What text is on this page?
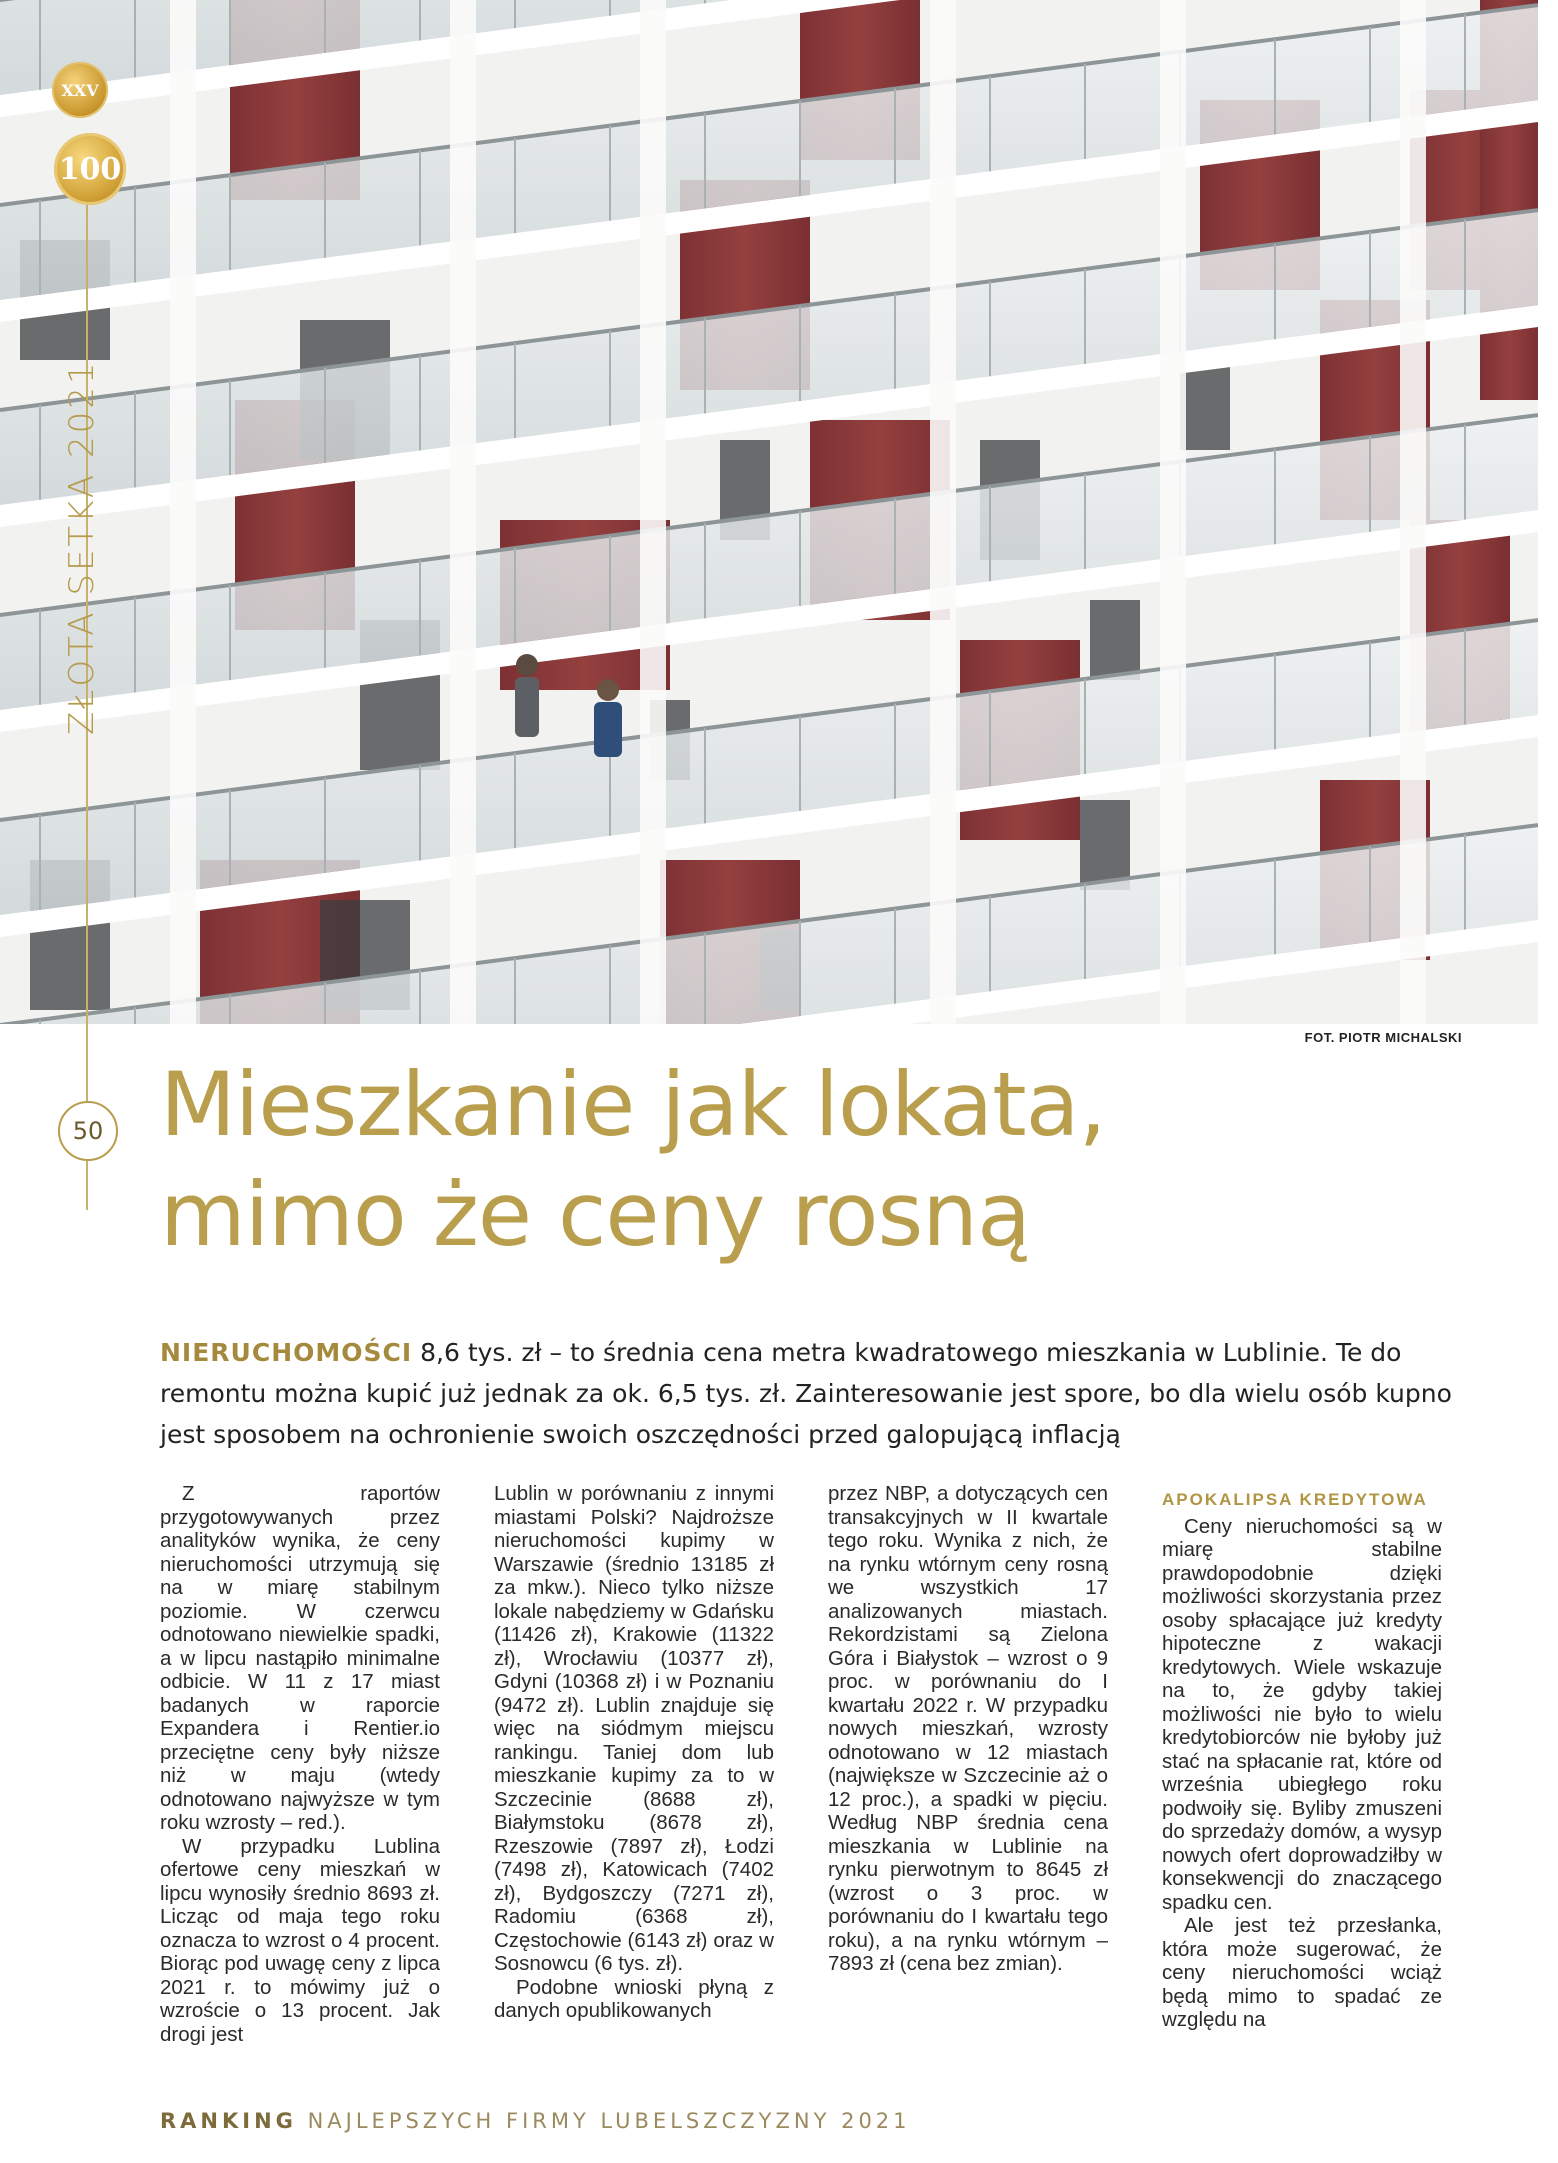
FOT. PIOTR MICHALSKI
XXV
100
ZŁOTA SETKA 2021
50 Mieszkanie jak lokata,
mimo że ceny rosną

NIERUCHOMOŚCI 8,6 tys. zł – to średnia cena metra kwadratowego mieszkania w Lublinie. Te do remontu można kupić już jednak za ok. 6,5 tys. zł. Zainteresowanie jest spore, bo dla wielu osób kupno jest sposobem na ochronienie swoich oszczędności przed galopującą inflacją

Z raportów przygotowywanych przez analityków wynika, że ceny nieruchomości utrzymują się na w miarę stabilnym poziomie. W czerwcu odnotowano niewielkie spadki, a w lipcu nastąpiło minimalne odbicie. W 11 z 17 miast badanych w raporcie Expandera i Rentier.io przeciętne ceny były niższe niż w maju (wtedy odnotowano najwyższe w tym roku wzrosty – red.).

W przypadku Lublina ofertowe ceny mieszkań w lipcu wynosiły średnio 8693 zł. Licząc od maja tego roku oznacza to wzrost o 4 procent. Biorąc pod uwagę ceny z lipca 2021 r. to mówimy już o wzroście o 13 procent. Jak drogi jest

Lublin w porównaniu z innymi miastami Polski? Najdroższe nieruchomości kupimy w Warszawie (średnio 13185 zł za mkw.). Nieco tylko niższe lokale nabędziemy w Gdańsku (11426 zł), Krakowie (11322 zł), Wrocławiu (10377 zł), Gdyni (10368 zł) i w Poznaniu (9472 zł). Lublin znajduje się więc na siódmym miejscu rankingu. Taniej dom lub mieszkanie kupimy za to w Szczecinie (8688 zł), Białymstoku (8678 zł), Rzeszowie (7897 zł), Łodzi (7498 zł), Katowicach (7402 zł), Bydgoszczy (7271 zł), Radomiu (6368 zł), Częstochowie (6143 zł) oraz w Sosnowcu (6 tys. zł).

Podobne wnioski płyną z danych opublikowanych

przez NBP, a dotyczących cen transakcyjnych w II kwartale tego roku. Wynika z nich, że na rynku wtórnym ceny rosną we wszystkich 17 analizowanych miastach. Rekordzistami są Zielona Góra i Białystok – wzrost o 9 proc. w porównaniu do I kwartału 2022 r. W przypadku nowych mieszkań, wzrosty odnotowano w 12 miastach (największe w Szczecinie aż o 12 proc.), a spadki w pięciu. Według NBP średnia cena mieszkania w Lublinie na rynku pierwotnym to 8645 zł (wzrost o 3 proc. w porównaniu do I kwartału tego roku), a na rynku wtórnym – 7893 zł (cena bez zmian).

APOKALIPSA KREDYTOWA

Ceny nieruchomości są w miarę stabilne prawdopodobnie dzięki możliwości skorzystania przez osoby spłacające już kredyty hipoteczne z wakacji kredytowych. Wiele wskazuje na to, że gdyby takiej możliwości nie było to wielu kredytobiorców nie byłoby już stać na spłacanie rat, które od września ubiegłego roku podwoiły się. Byliby zmuszeni do sprzedaży domów, a wysyp nowych ofert doprowadziłby w konsekwencji do znaczącego spadku cen.

Ale jest też przesłanka, która może sugerować, że ceny nieruchomości wciąż będą mimo to spadać ze względu na

RANKING NAJLEPSZYCH FIRMY LUBELSZCZYZNY 2021
